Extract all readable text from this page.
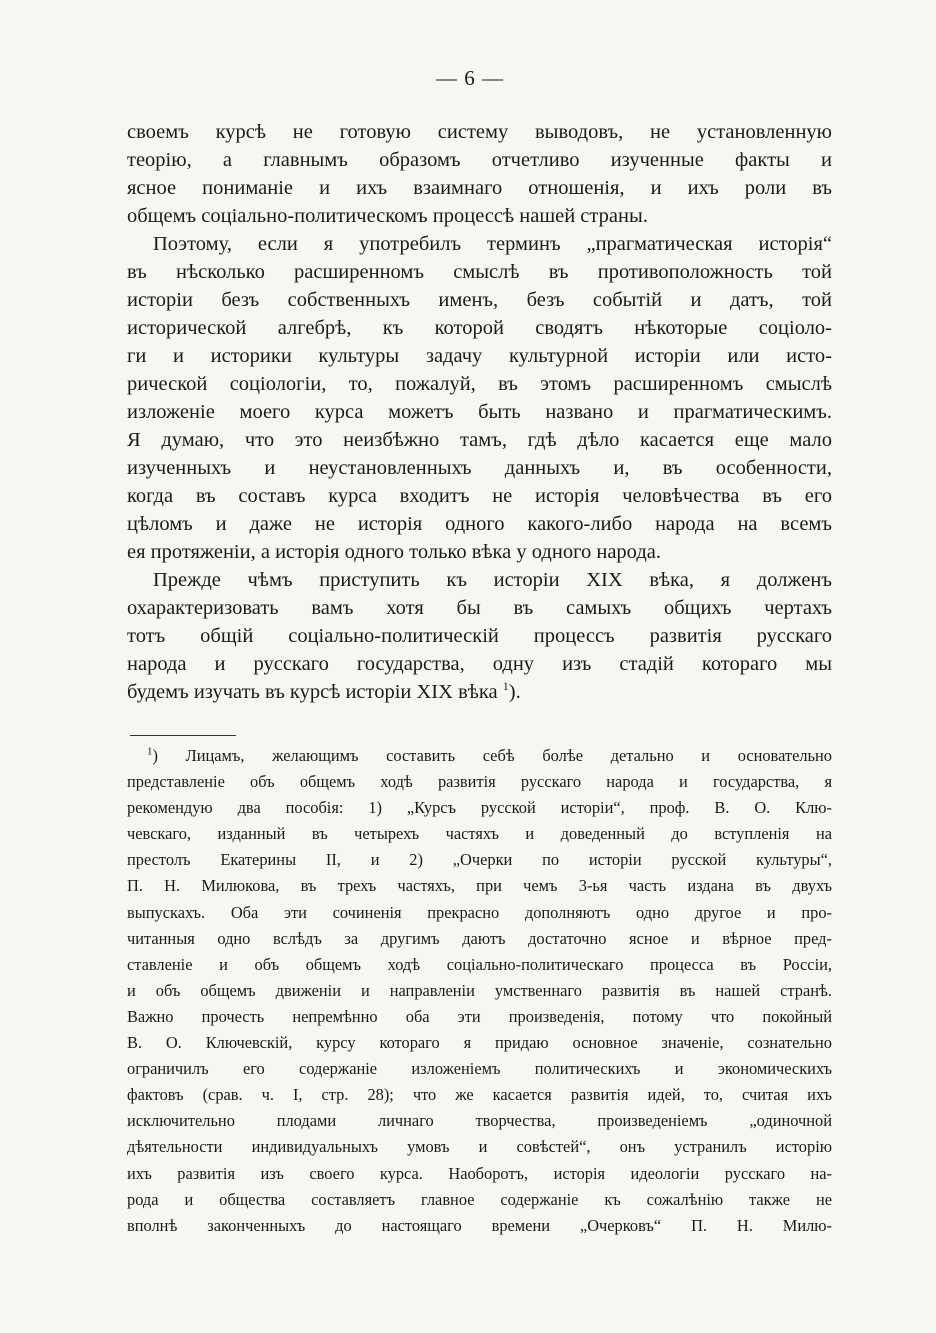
— 6 —
своемъ курсѣ не готовую систему выводовъ, не установленную
теорію, а главнымъ образомъ отчетливо изученные факты и
ясное пониманіе и ихъ взаимнаго отношенія, и ихъ роли въ
общемъ соціально-политическомъ процессѣ нашей страны.
Поэтому, если я употребилъ терминъ „прагматическая исторія“
въ нѣсколько расширенномъ смыслѣ въ противоположность той
исторіи безъ собственныхъ именъ, безъ событій и датъ, той
исторической алгебрѣ, къ которой сводятъ нѣкоторые соціоло-
ги и историки культуры задачу культурной исторіи или исто-
рической соціологіи, то, пожалуй, въ этомъ расширенномъ смыслѣ
изложеніе моего курса можетъ быть названо и прагматическимъ.
Я думаю, что это неизбѣжно тамъ, гдѣ дѣло касается еще мало
изученныхъ и неустановленныхъ данныхъ и, въ особенности,
когда въ составъ курса входитъ не исторія человѣчества въ его
цѣломъ и даже не исторія одного какого-либо народа на всемъ
ея протяженіи, а исторія одного только вѣка у одного народа.
Прежде чѣмъ приступить къ исторіи XIX вѣка, я долженъ
охарактеризовать вамъ хотя бы въ самыхъ общихъ чертахъ
тотъ общій соціально-политическій процессъ развитія русскаго
народа и русскаго государства, одну изъ стадій котораго мы
будемъ изучать въ курсѣ исторіи XIX вѣка $^1$).
$^1$) Лицамъ, желающимъ составить себѣ болѣе детально и основательно
представленіе объ общемъ ходѣ развитія русскаго народа и государства, я
рекомендую два пособія: 1) „Курсъ русской исторіи“, проф. В. О. Клю-
чевскаго, изданный въ четырехъ частяхъ и доведенный до вступленія на
престолъ Екатерины II, и 2) „Очерки по исторіи русской культуры“,
П. Н. Милюкова, въ трехъ частяхъ, при чемъ 3-ья часть издана въ двухъ
выпускахъ. Оба эти сочиненія прекрасно дополняютъ одно другое и про-
читанныя одно вслѣдъ за другимъ даютъ достаточно ясное и вѣрное пред-
ставленіе и объ общемъ ходѣ соціально-политическаго процесса въ Россіи,
и объ общемъ движеніи и направленіи умственнаго развитія въ нашей странѣ.
Важно прочесть непремѣнно оба эти произведенія, потому что покойный
В. О. Ключевскій, курсу котораго я придаю основное значеніе, сознательно
ограничилъ его содержаніе изложеніемъ политическихъ и экономическихъ
фактовъ (срав. ч. I, стр. 28); что же касается развитія идей, то, считая ихъ
исключительно плодами личнаго творчества, произведеніемъ „одиночной
дѣятельности индивидуальныхъ умовъ и совѣстей“, онъ устранилъ исторію
ихъ развитія изъ своего курса. Наоборотъ, исторія идеологіи русскаго на-
рода и общества составляетъ главное содержаніе къ сожалѣнію также не
вполнѣ законченныхъ до настоящаго времени „Очерковъ“ П. Н. Милю-
